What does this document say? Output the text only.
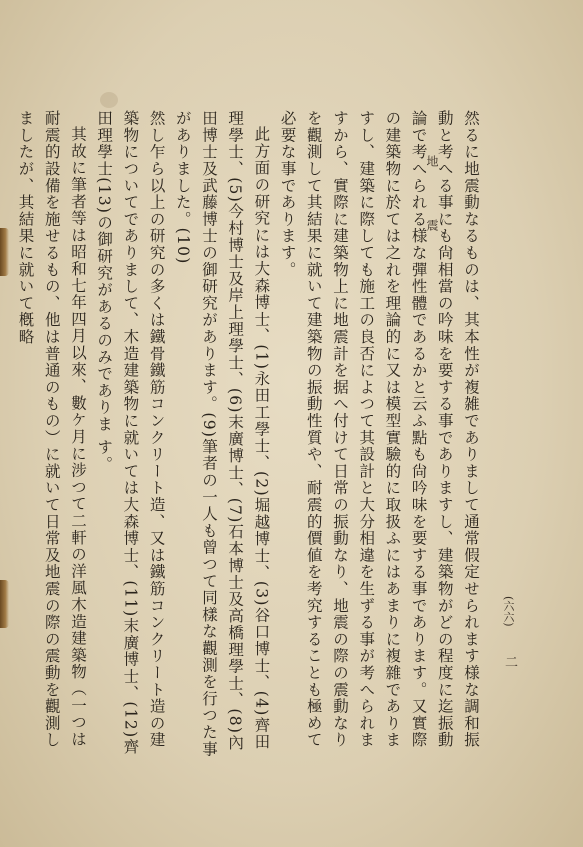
地　震
(六六)
二

然るに地震動なるものは、其本性が複雑でありまして通常假定せられます様な調和振動と考へる事にも尙相當の吟味を要する事でありますし、建築物がどの程度に迄振動論で考へられる様な彈性體であるかと云ふ點も尙吟味を要する事であります。又實際の建築物に於ては之れを理論的に又は模型實驗的に取扱ふにはあまりに複雜でありますし、建築に際しても施工の良否によつて其設計と大分相違を生ずる事が考へられますから、實際に建築物上に地震計を据へ付けて日常の振動なり、地震の際の震動なりを觀測して其結果に就いて建築物の振動性質や、耐震的價値を考究することも極めて必要な事であります。

此方面の研究には大森博士、(1)永田工學士、(2)堀越博士、(3)谷口博士、(4)齊田理學士、(5)今村博士及岸上理學士、(6)末廣博士、(7)石本博士及高橋理學士、(8)內田博士及武藤博士の御研究があります。(9)筆者の一人も曾つて同樣な觀測を行つた事がありました。(10)

然し乍ら以上の研究の多くは鐵骨鐵筋コンクリート造、又は鐵筋コンクリート造の建築物についてでありまして、木造建築物に就いては大森博士、(11)末廣博士、(12)齊田理學士(13)の御研究があるのみでありま す。

其故に筆者等は昭和七年四月以來、數ケ月に涉つて二軒の洋風木造建築物（一つは耐震的設備を施せるもの、他は普通のもの）に就いて日常及地震の際の震動を觀測しましたが、其結果に就いて槪略
